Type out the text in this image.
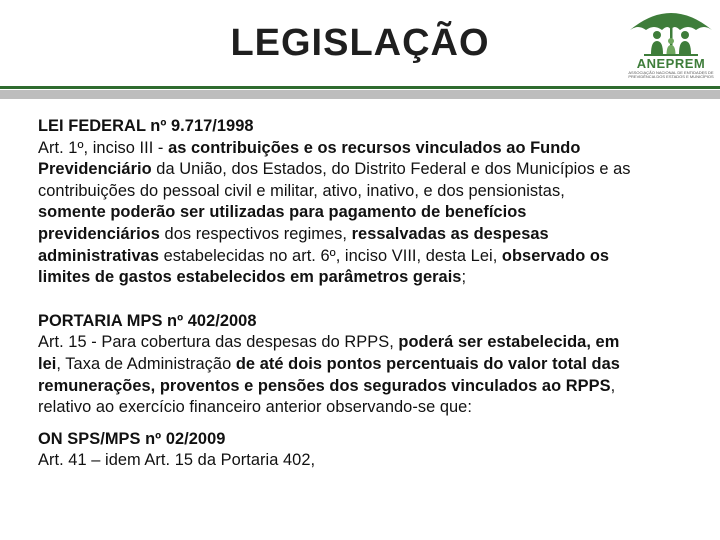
LEGISLAÇÃO	ANEPREM
ASSOCIAÇÃO NACIONAL DE ENTIDADES DE PREVIDÊNCIA DOS ESTADOS E MUNICÍPIOS
LEI FEDERAL nº 9.717/1998
Art. 1º, inciso III - as contribuições e os recursos vinculados ao Fundo
Previdenciário da União, dos Estados, do Distrito Federal e dos Municípios e as
contribuições do pessoal civil e militar, ativo, inativo, e dos pensionistas,
somente poderão ser utilizadas para pagamento de benefícios
previdenciários dos respectivos regimes, ressalvadas as despesas
administrativas estabelecidas no art. 6º, inciso VIII, desta Lei, observado os
limites de gastos estabelecidos em parâmetros gerais;
PORTARIA MPS nº 402/2008
Art. 15 - Para cobertura das despesas do RPPS, poderá ser estabelecida, em
lei, Taxa de Administração de até dois pontos percentuais do valor total das
remunerações, proventos e pensões dos segurados vinculados ao RPPS,
relativo ao exercício financeiro anterior observando-se que:
ON SPS/MPS nº 02/2009
Art. 41 – idem Art. 15 da Portaria 402,
